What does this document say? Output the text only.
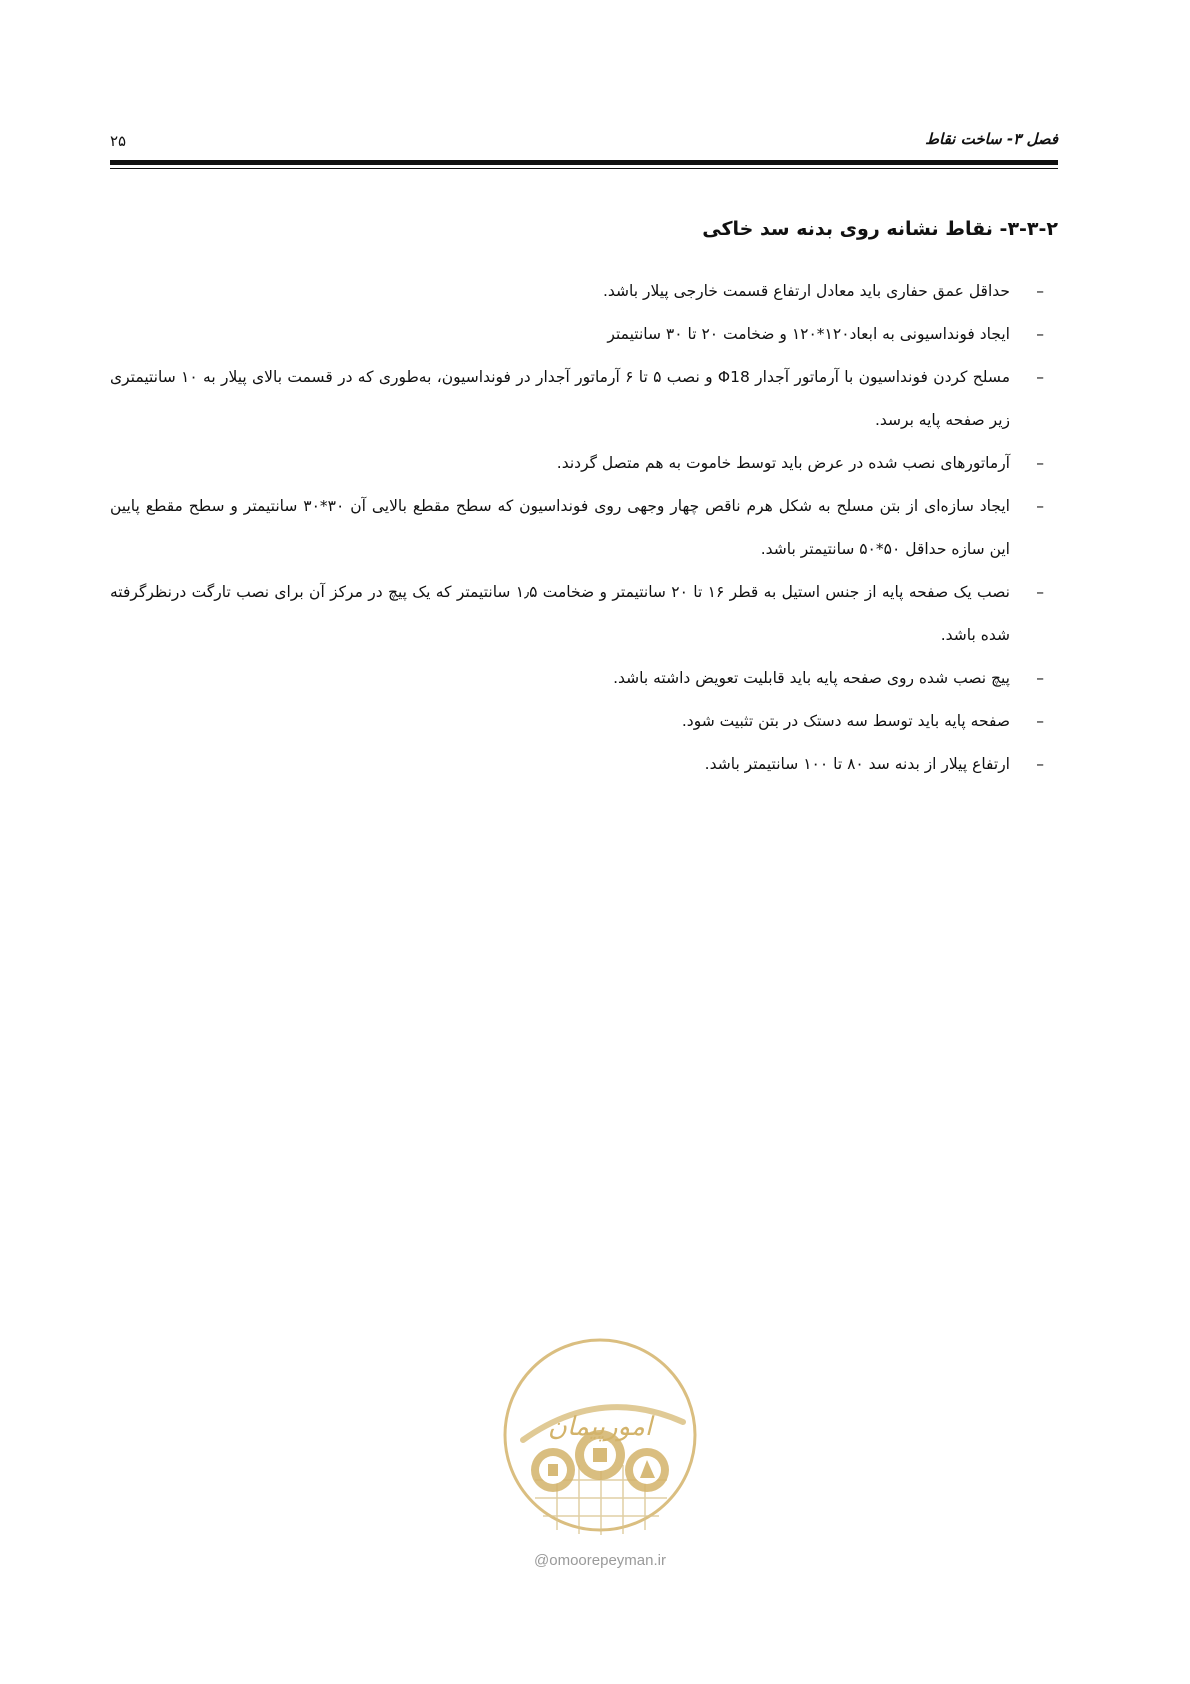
فصل ۳- ساخت نقاط
۲۵
۳-۳-۲- نقاط نشانه روی بدنه سد خاکی
–
حداقل عمق حفاری باید معادل ارتفاع قسمت خارجی پیلار باشد.
–
ایجاد فونداسیونی به ابعاد۱۲۰*۱۲۰ و ضخامت ۲۰ تا ۳۰ سانتیمتر
–
مسلح کردن فونداسیون با آرماتور آجدار Φ18 و نصب ۵ تا ۶ آرماتور آجدار در فونداسیون، به‌طوری که در قسمت بالای پیلار به ۱۰ سانتیمتری زیر صفحه پایه برسد.
–
آرماتورهای نصب شده در عرض باید توسط خاموت به هم متصل گردند.
–
ایجاد سازه‌ای از بتن مسلح به شکل هرم ناقص چهار وجهی روی فونداسیون که سطح مقطع بالایی آن ۳۰*۳۰ سانتیمتر و سطح مقطع پایین این سازه حداقل ۵۰*۵۰ سانتیمتر باشد.
–
نصب یک صفحه پایه از جنس استیل به قطر ۱۶ تا ۲۰ سانتیمتر و ضخامت ۱٫۵ سانتیمتر که یک پیچ در مرکز آن برای نصب تارگت درنظرگرفته شده باشد.
–
پیچ نصب شده روی صفحه پایه باید قابلیت تعویض داشته باشد.
–
صفحه پایه باید توسط سه دستک در بتن تثبیت شود.
–
ارتفاع پیلار از بدنه سد ۸۰ تا ۱۰۰ سانتیمتر باشد.
امورپیمان
@omoorepeyman.ir
